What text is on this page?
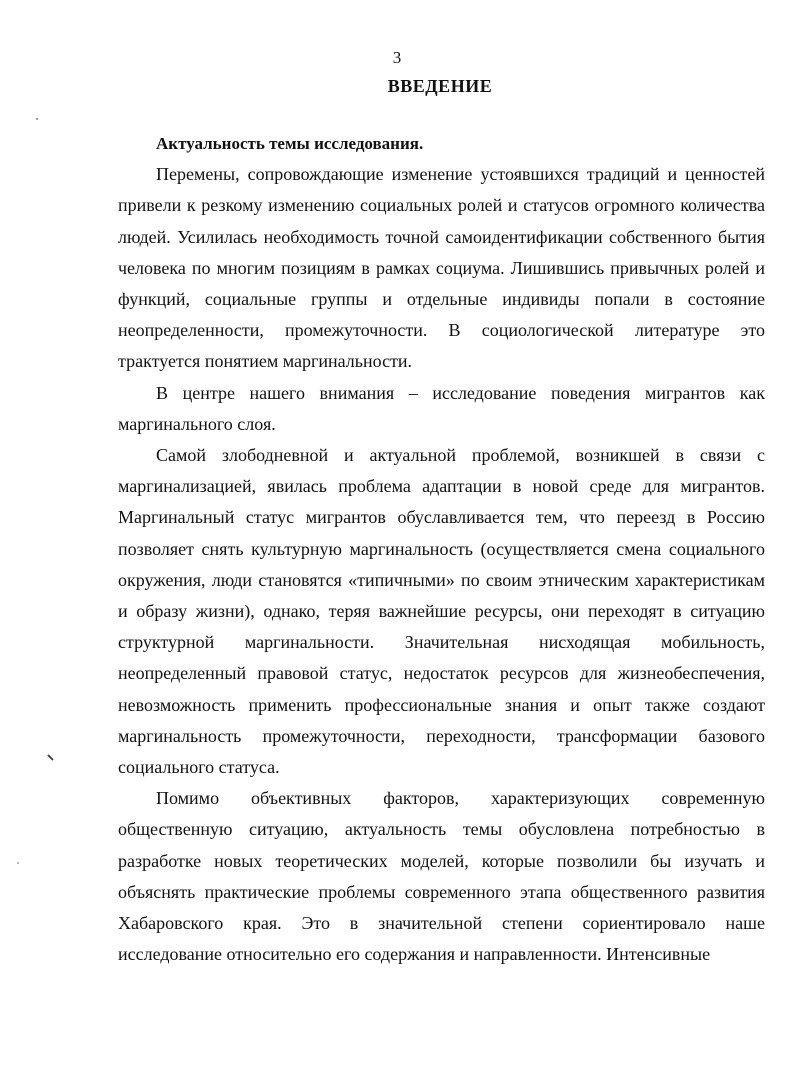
3
ВВЕДЕНИЕ

Актуальность темы исследования.

Перемены, сопровождающие изменение устоявшихся традиций и ценностей привели к резкому изменению социальных ролей и статусов огромного количества людей. Усилилась необходимость точной самоидентификации собственного бытия человека по многим позициям в рамках социума. Лишившись привычных ролей и функций, социальные группы и отдельные индивиды попали в состояние неопределенности, промежуточности. В социологической литературе это трактуется понятием маргинальности.

В центре нашего внимания – исследование поведения мигрантов как маргинального слоя.

Самой злободневной и актуальной проблемой, возникшей в связи с маргинализацией, явилась проблема адаптации в новой среде для мигрантов. Маргинальный статус мигрантов обуславливается тем, что переезд в Россию позволяет снять культурную маргинальность (осуществляется смена социального окружения, люди становятся «типичными» по своим этническим характеристикам и образу жизни), однако, теряя важнейшие ресурсы, они переходят в ситуацию структурной маргинальности. Значительная нисходящая мобильность, неопределенный правовой статус, недостаток ресурсов для жизнеобеспечения, невозможность применить профессиональные знания и опыт также создают маргинальность промежуточности, переходности, трансформации базового социального статуса.

Помимо объективных факторов, характеризующих современную общественную ситуацию, актуальность темы обусловлена потребностью в разработке новых теоретических моделей, которые позволили бы изучать и объяснять практические проблемы современного этапа общественного развития Хабаровского края. Это в значительной степени сориентировало наше исследование относительно его содержания и направленности. Интенсивные
